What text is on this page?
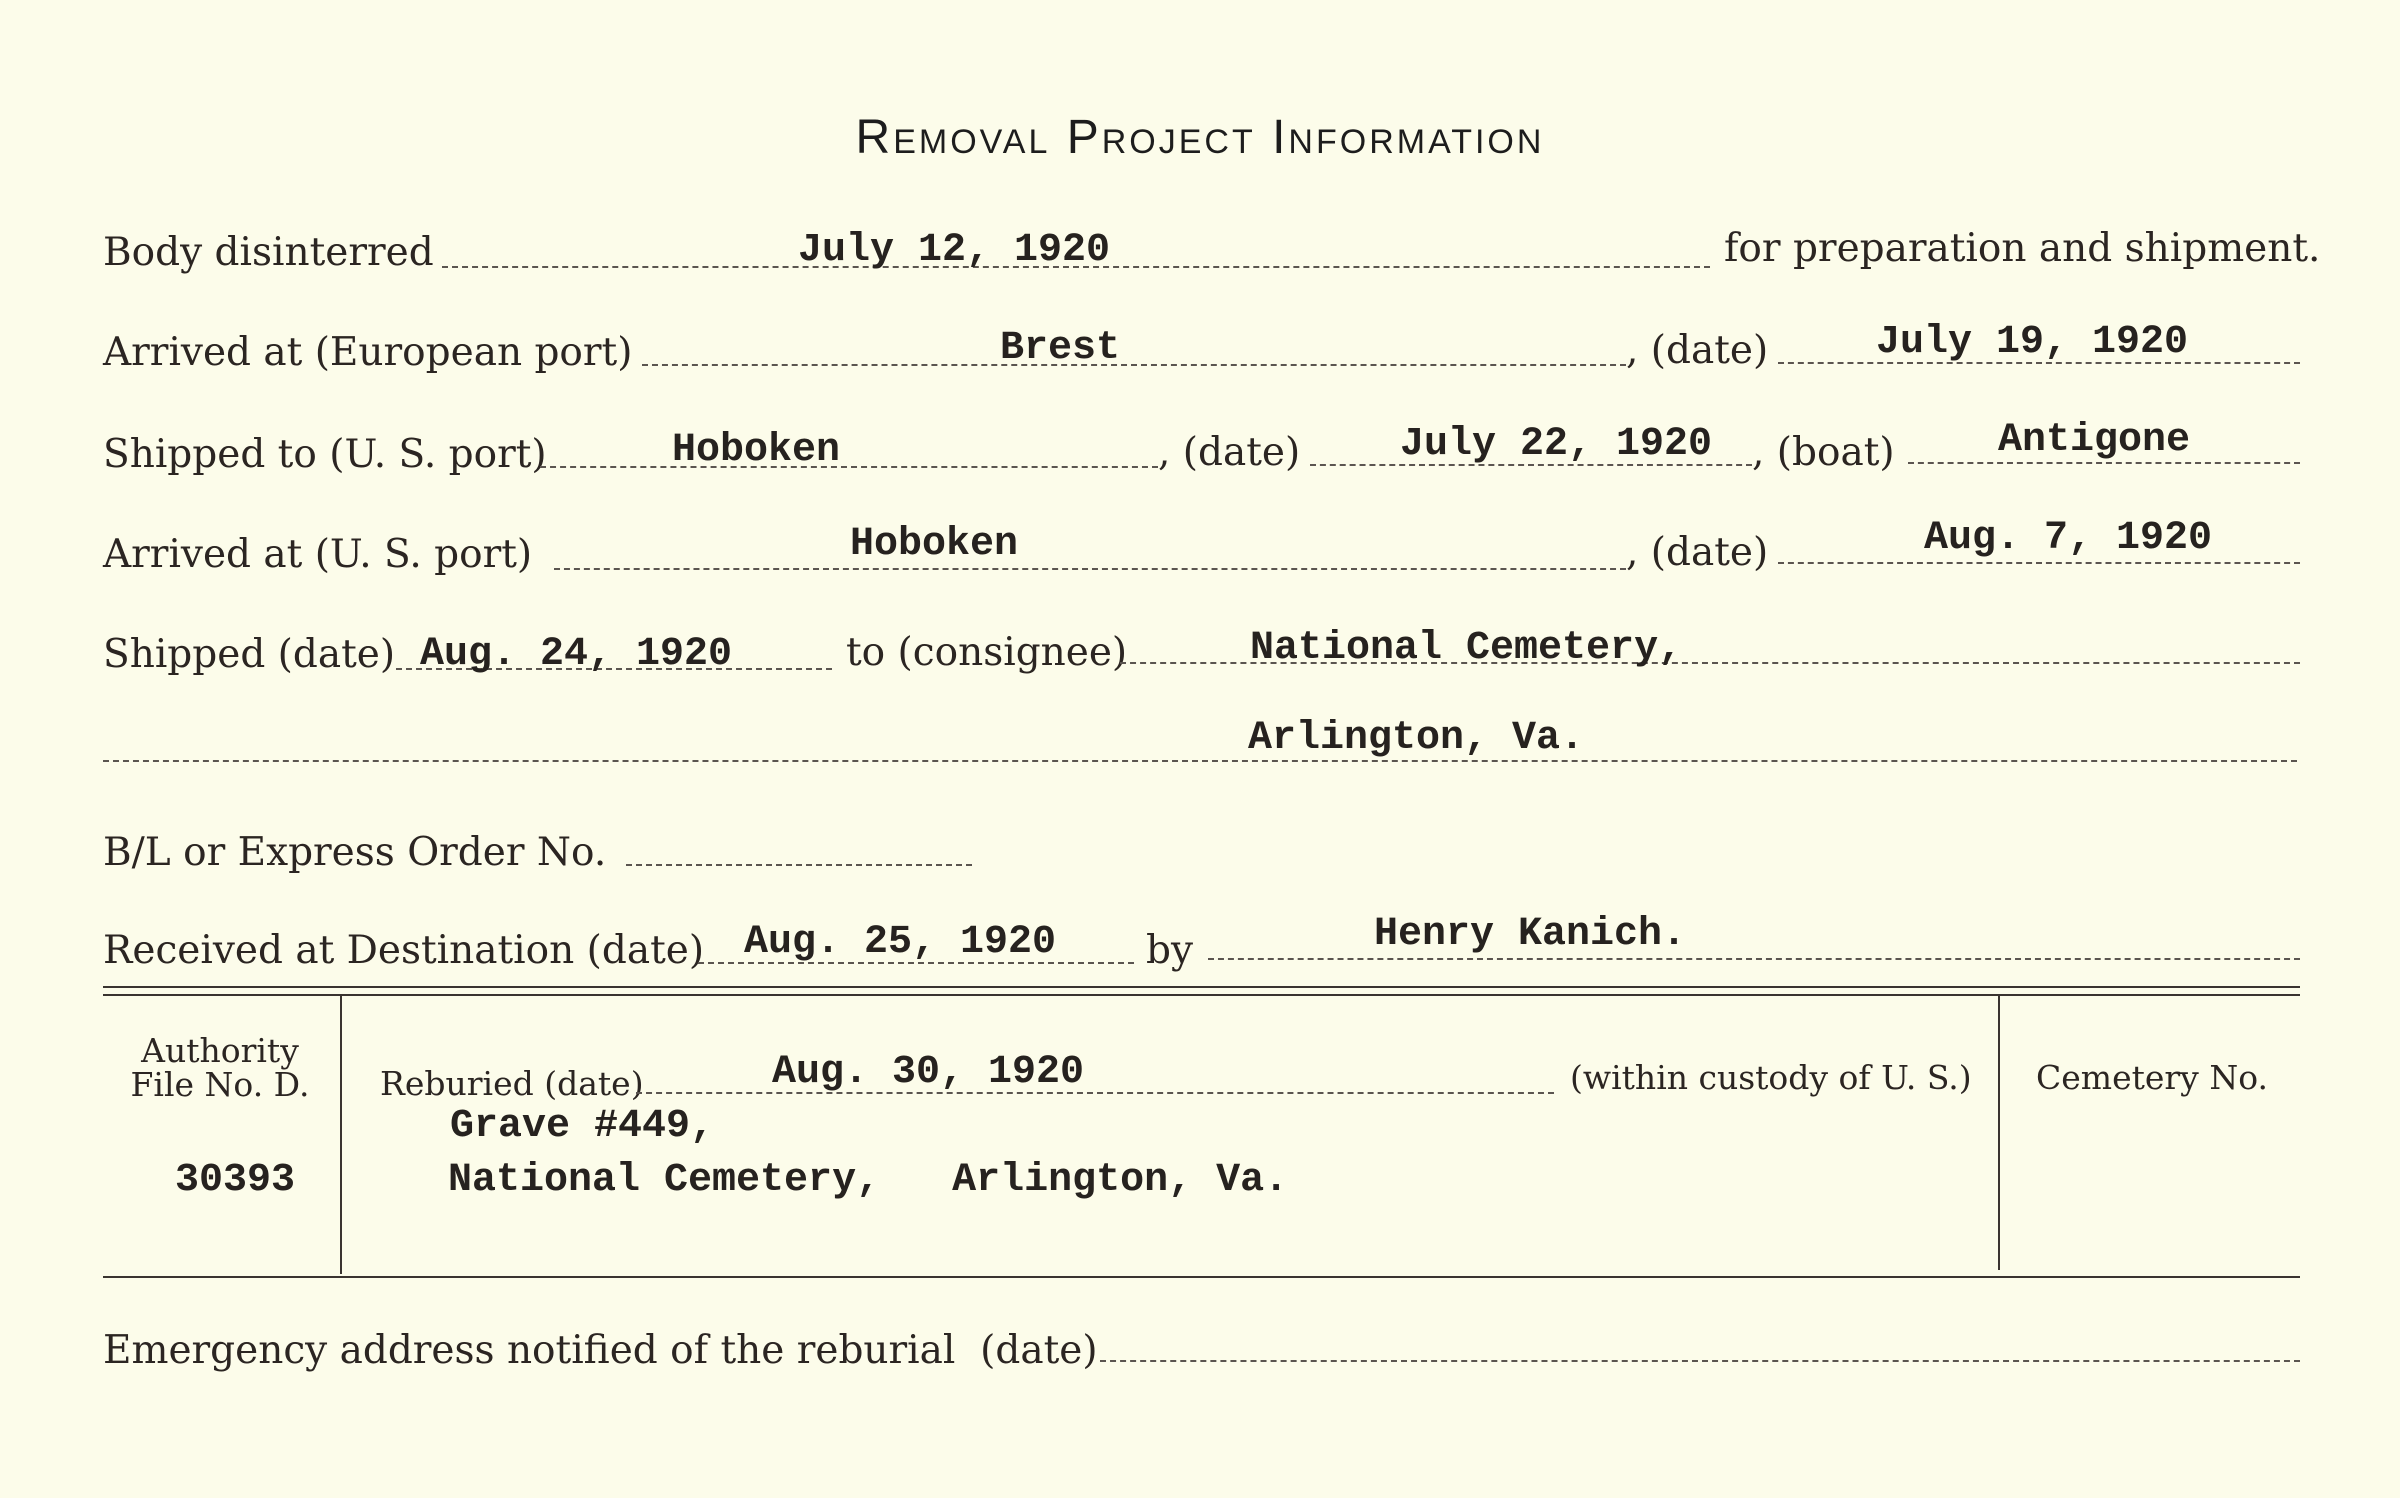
Removal Project Information
Body disinterred	July 12, 1920	for preparation and shipment.
Arrived at (European port)	Brest	, (date)	July 19, 1920
Shipped to (U. S. port)	Hoboken	, (date) July 22, 1920 , (boat)	Antigone
Arrived at (U. S. port)	Hoboken	, (date)	Aug. 7, 1920
Shipped (date) Aug. 24, 1920	to (consignee)	National Cemetery,
Arlington, Va.
B/L or Express Order No.
Received at Destination (date) Aug. 25, 1920 by	Henry Kanich.
Authority
File No. D.
30393
Reburied (date)	Aug. 30, 1920	(within custody of U. S.)
Grave #449,
National Cemetery,   Arlington, Va.
Cemetery No.
Emergency address notified of the reburial  (date)
